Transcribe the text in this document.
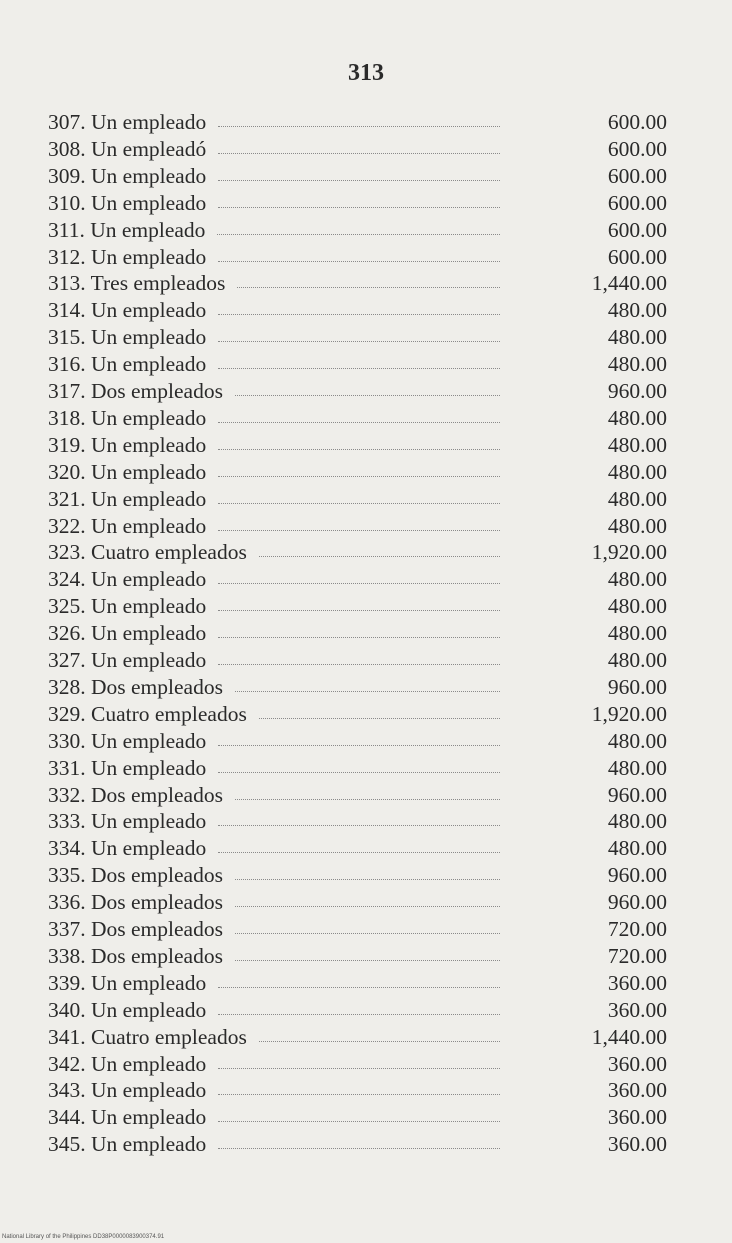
313
307. Un empleado	600.00
308. Un empleadó	600.00
309. Un empleado	600.00
310. Un empleado	600.00
311. Un empleado	600.00
312. Un empleado	600.00
313. Tres empleados	1,440.00
314. Un empleado	480.00
315. Un empleado	480.00
316. Un empleado	480.00
317. Dos empleados	960.00
318. Un empleado	480.00
319. Un empleado	480.00
320. Un empleado	480.00
321. Un empleado	480.00
322. Un empleado	480.00
323. Cuatro empleados	1,920.00
324. Un empleado	480.00
325. Un empleado	480.00
326. Un empleado	480.00
327. Un empleado	480.00
328. Dos empleados	960.00
329. Cuatro empleados	1,920.00
330. Un empleado	480.00
331. Un empleado	480.00
332. Dos empleados	960.00
333. Un empleado	480.00
334. Un empleado	480.00
335. Dos empleados	960.00
336. Dos empleados	960.00
337. Dos empleados	720.00
338. Dos empleados	720.00
339. Un empleado	360.00
340. Un empleado	360.00
341. Cuatro empleados	1,440.00
342. Un empleado	360.00
343. Un empleado	360.00
344. Un empleado	360.00
345. Un empleado	360.00
National Library of the Philippines DD38P0000083900374.91
